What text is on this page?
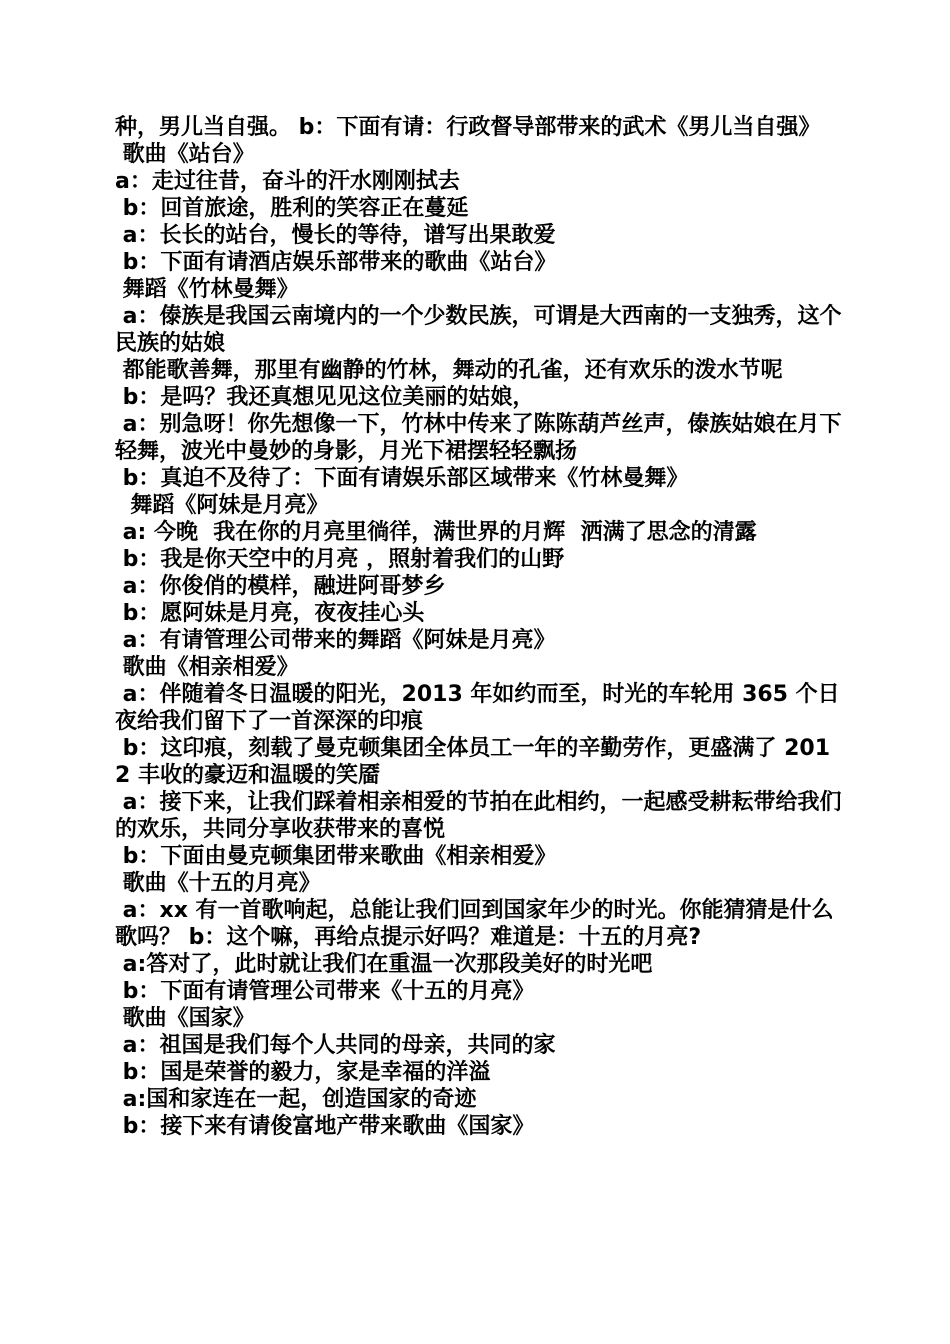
种，男儿当自强。 b：下面有请：行政督导部带来的武术《男儿当自强》

歌曲《站台》

a：走过往昔，奋斗的汗水刚刚拭去

b：回首旅途，胜利的笑容正在蔓延

a：长长的站台，慢长的等待，谱写出果敢爱

b：下面有请酒店娱乐部带来的歌曲《站台》

舞蹈《竹林曼舞》

a：傣族是我国云南境内的一个少数民族，可谓是大西南的一支独秀，这个民族的姑娘

都能歌善舞，那里有幽静的竹林，舞动的孔雀，还有欢乐的泼水节呢

b：是吗？我还真想见见这位美丽的姑娘，

a：别急呀！你先想像一下，竹林中传来了陈陈葫芦丝声，傣族姑娘在月下轻舞，波光中曼妙的身影，月光下裙摆轻轻飘扬

b：真迫不及待了：下面有请娱乐部区域带来《竹林曼舞》

舞蹈《阿妹是月亮》

a: 今晚  我在你的月亮里徜徉，满世界的月辉  洒满了思念的清露

b：我是你天空中的月亮 ，照射着我们的山野

a：你俊俏的模样，融进阿哥梦乡

b：愿阿妹是月亮，夜夜挂心头

a：有请管理公司带来的舞蹈《阿妹是月亮》

歌曲《相亲相爱》

a：伴随着冬日温暖的阳光，2013 年如约而至，时光的车轮用 365 个日夜给我们留下了一首深深的印痕

b：这印痕，刻载了曼克顿集团全体员工一年的辛勤劳作，更盛满了 2012 丰收的豪迈和温暖的笑靥

a：接下来，让我们踩着相亲相爱的节拍在此相约，一起感受耕耘带给我们的欢乐，共同分享收获带来的喜悦

b：下面由曼克顿集团带来歌曲《相亲相爱》

歌曲《十五的月亮》

a：xx 有一首歌响起，总能让我们回到国家年少的时光。你能猜猜是什么歌吗？ b：这个嘛，再给点提示好吗？难道是：十五的月亮?

a:答对了，此时就让我们在重温一次那段美好的时光吧

b：下面有请管理公司带来《十五的月亮》

歌曲《国家》

a：祖国是我们每个人共同的母亲，共同的家

b：国是荣誉的毅力，家是幸福的洋溢

a:国和家连在一起，创造国家的奇迹

b：接下来有请俊富地产带来歌曲《国家》
